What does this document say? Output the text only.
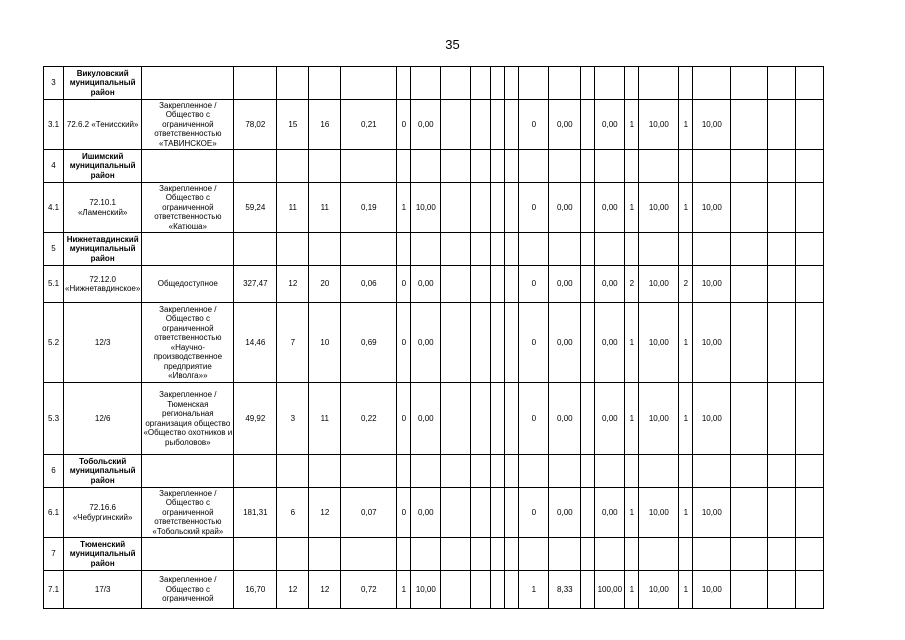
35
3	Викуловский муниципальный район																						
3.1	72.6.2 «Тенисский»	Закрепленное / Общество с ограниченной ответственностью «ТАВИНСКОЕ»	78,02	15	16	0,21	0	0,00					0	0,00		0,00	1	10,00	1	10,00			
4	Ишимский муниципальный район																						
4.1	72.10.1 «Ламенский»	Закрепленное / Общество с ограниченной ответственностью «Катюша»	59,24	11	11	0,19	1	10,00					0	0,00		0,00	1	10,00	1	10,00			
5	Нижнетавдинский муниципальный район																						
5.1	72.12.0 «Нижнетавдинское»	Общедоступное	327,47	12	20	0,06	0	0,00					0	0,00		0,00	2	10,00	2	10,00			
5.2	12/3	Закрепленное / Общество с ограниченной ответственностью «Научно-производственное предприятие «Иволга»»	14,46	7	10	0,69	0	0,00					0	0,00		0,00	1	10,00	1	10,00			
5.3	12/6	Закрепленное / Тюменская региональная организация общество «Общество охотников и рыболовов»	49,92	3	11	0,22	0	0,00					0	0,00		0,00	1	10,00	1	10,00			
6	Тобольский муниципальный район																						
6.1	72.16.6 «Чебургинский»	Закрепленное / Общество с ограниченной ответственностью «Тобольский край»	181,31	6	12	0,07	0	0,00					0	0,00		0,00	1	10,00	1	10,00			
7	Тюменский муниципальный район																						
7.1	17/3	Закрепленное / Общество с ограниченной	16,70	12	12	0,72	1	10,00					1	8,33		100,00	1	10,00	1	10,00			
